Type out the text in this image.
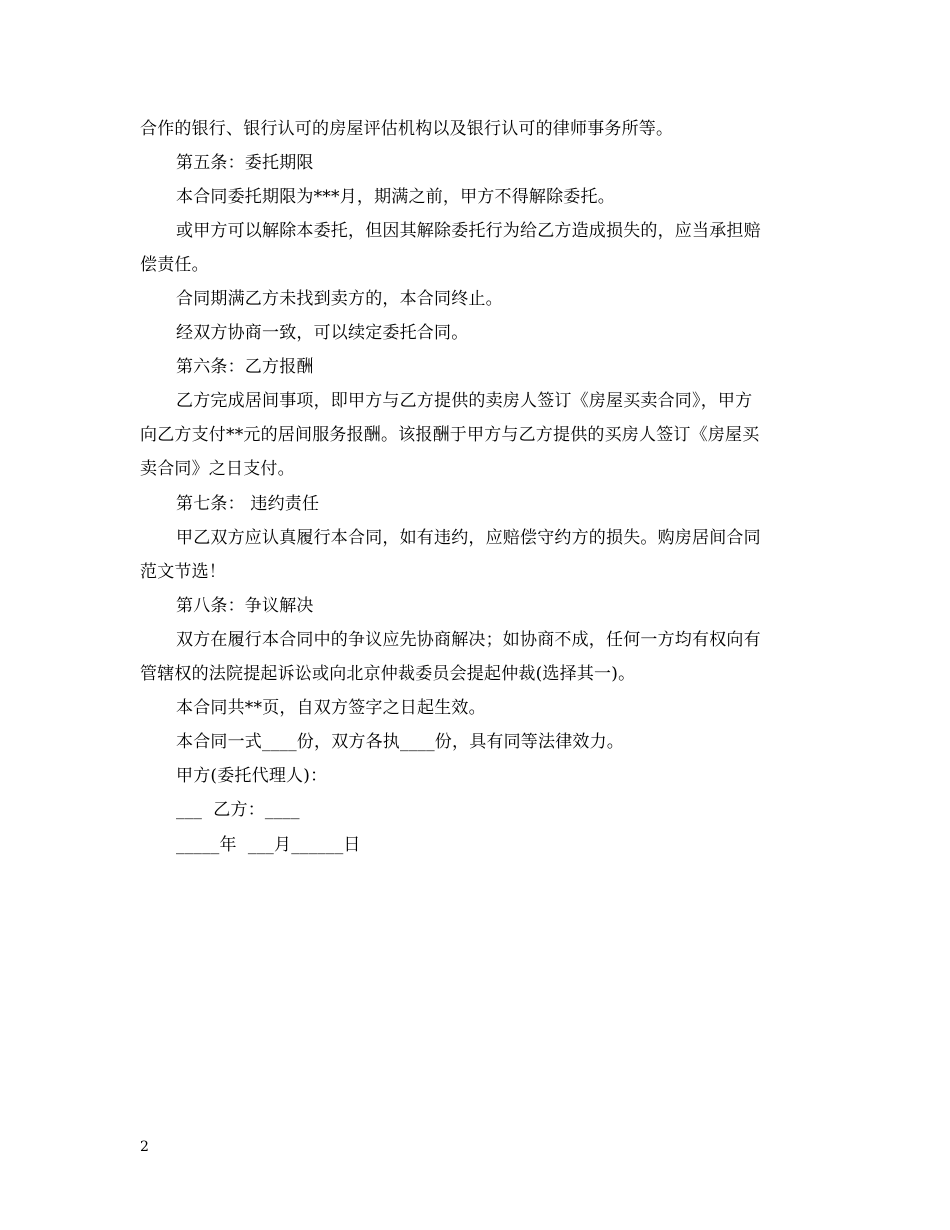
合作的银行、银行认可的房屋评估机构以及银行认可的律师事务所等。
第五条：委托期限
本合同委托期限为***月，期满之前，甲方不得解除委托。
或甲方可以解除本委托，但因其解除委托行为给乙方造成损失的，应当承担赔
偿责任。
合同期满乙方未找到卖方的，本合同终止。
经双方协商一致，可以续定委托合同。
第六条：乙方报酬
乙方完成居间事项，即甲方与乙方提供的卖房人签订《房屋买卖合同》，甲方
向乙方支付**元的居间服务报酬。该报酬于甲方与乙方提供的买房人签订《房屋买
卖合同》之日支付。
第七条： 违约责任
甲乙双方应认真履行本合同，如有违约，应赔偿守约方的损失。购房居间合同
范文节选！
第八条：争议解决
双方在履行本合同中的争议应先协商解决；如协商不成，任何一方均有权向有
管辖权的法院提起诉讼或向北京仲裁委员会提起仲裁(选择其一)。
本合同共**页，自双方签字之日起生效。
本合同一式____份，双方各执____份，具有同等法律效力。
甲方(委托代理人)：
___  乙方：____
_____年  ___月______日
2
